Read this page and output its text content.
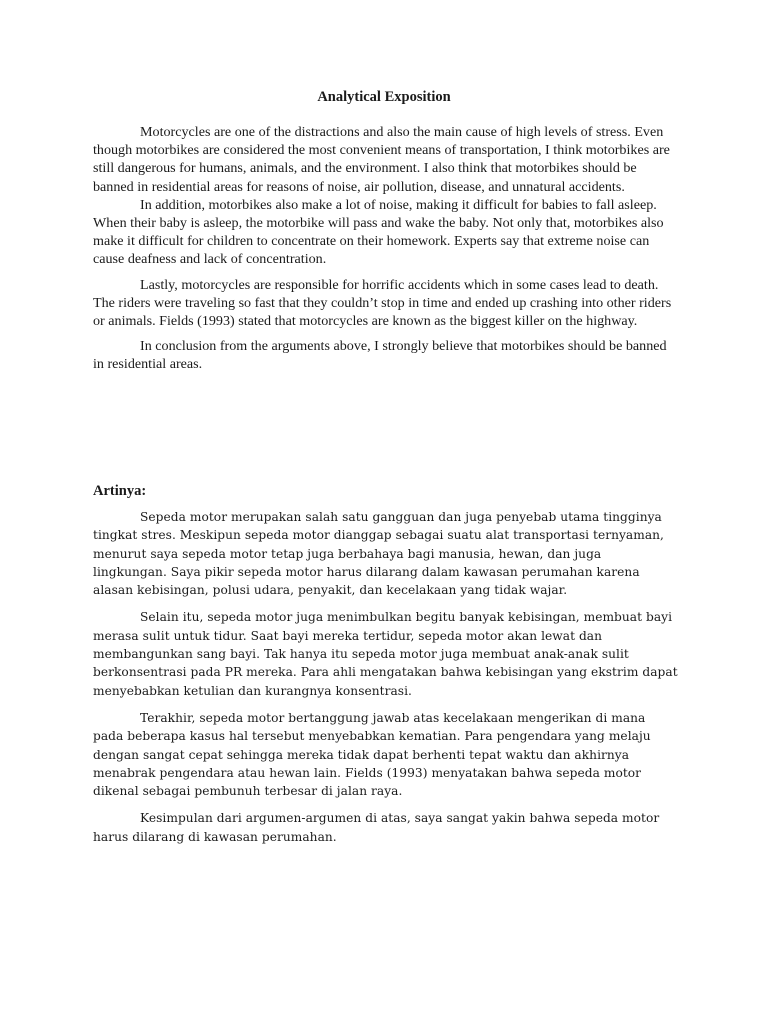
Analytical Exposition

Motorcycles are one of the distractions and also the main cause of high levels of stress. Even though motorbikes are considered the most convenient means of transportation, I think motorbikes are still dangerous for humans, animals, and the environment. I also think that motorbikes should be banned in residential areas for reasons of noise, air pollution, disease, and unnatural accidents.

In addition, motorbikes also make a lot of noise, making it difficult for babies to fall asleep. When their baby is asleep, the motorbike will pass and wake the baby. Not only that, motorbikes also make it difficult for children to concentrate on their homework. Experts say that extreme noise can cause deafness and lack of concentration.

Lastly, motorcycles are responsible for horrific accidents which in some cases lead to death. The riders were traveling so fast that they couldn’t stop in time and ended up crashing into other riders or animals. Fields (1993) stated that motorcycles are known as the biggest killer on the highway.

In conclusion from the arguments above, I strongly believe that motorbikes should be banned in residential areas.

Artinya:

Sepeda motor merupakan salah satu gangguan dan juga penyebab utama tingginya tingkat stres. Meskipun sepeda motor dianggap sebagai suatu alat transportasi ternyaman, menurut saya sepeda motor tetap juga berbahaya bagi manusia, hewan, dan juga lingkungan. Saya pikir sepeda motor harus dilarang dalam kawasan perumahan karena alasan kebisingan, polusi udara, penyakit, dan kecelakaan yang tidak wajar.

Selain itu, sepeda motor juga menimbulkan begitu banyak kebisingan, membuat bayi merasa sulit untuk tidur. Saat bayi mereka tertidur, sepeda motor akan lewat dan membangunkan sang bayi. Tak hanya itu sepeda motor juga membuat anak-anak sulit berkonsentrasi pada PR mereka. Para ahli mengatakan bahwa kebisingan yang ekstrim dapat menyebabkan ketulian dan kurangnya konsentrasi.

Terakhir, sepeda motor bertanggung jawab atas kecelakaan mengerikan di mana pada beberapa kasus hal tersebut menyebabkan kematian. Para pengendara yang melaju dengan sangat cepat sehingga mereka tidak dapat berhenti tepat waktu dan akhirnya menabrak pengendara atau hewan lain. Fields (1993) menyatakan bahwa sepeda motor dikenal sebagai pembunuh terbesar di jalan raya.

Kesimpulan dari argumen-argumen di atas, saya sangat yakin bahwa sepeda motor harus dilarang di kawasan perumahan.
